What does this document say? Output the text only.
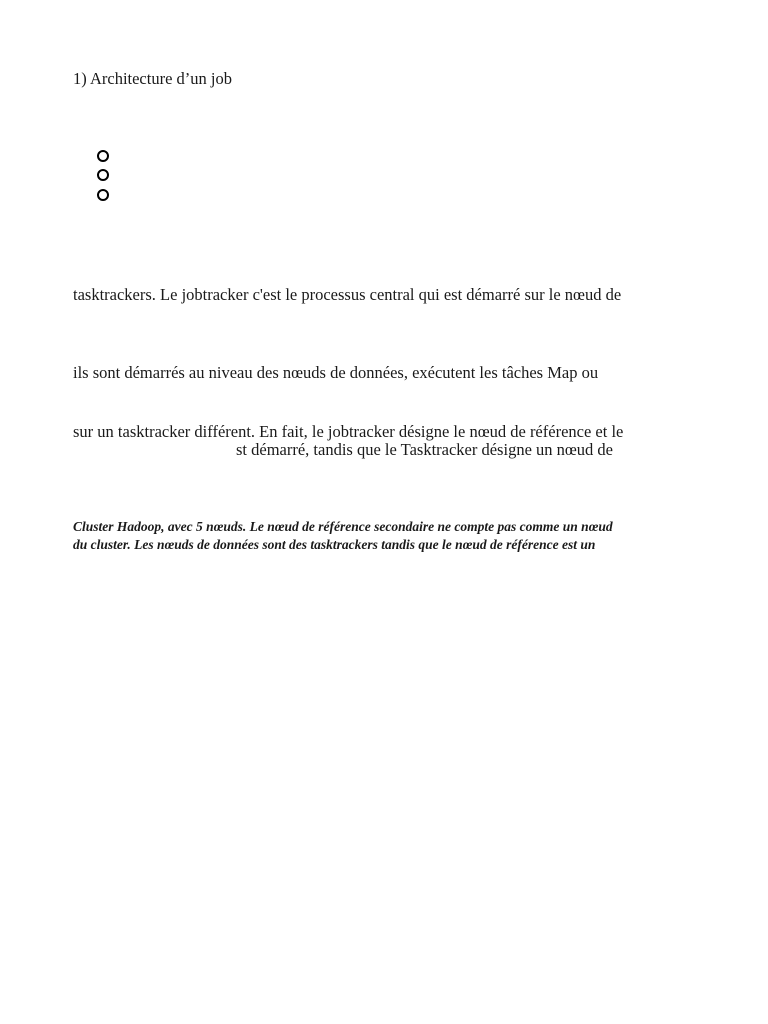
1) Architecture d’un job
tasktrackers. Le jobtracker c'est le processus central qui est démarré sur le nœud de
ils sont démarrés au niveau des nœuds de données, exécutent les tâches Map ou
sur un tasktracker différent. En fait, le jobtracker désigne le nœud de référence et le
st démarré, tandis que le Tasktracker désigne un nœud de
Cluster Hadoop, avec 5 nœuds. Le nœud de référence secondaire ne compte pas comme un nœud
du cluster. Les nœuds de données sont des tasktrackers tandis que le nœud de référence est un
